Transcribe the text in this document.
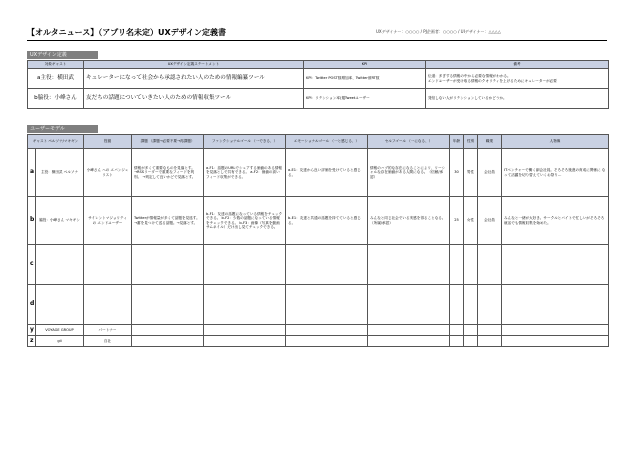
【オルタニュース】（アプリ名未定）UXデザイン定義書	UXデザイナー：○○○○ / PJ企画者：○○○○ / UIデザイナー：△△△△
UXデザイン定義
対象ギャスト	UXデザイン定義ステートメント	KPI	備考
a主役：横田武	キュレーターになって社会から承認されたい人のための情報編纂ツール	KPI：Twitter POST数増加率、Twitter被RT数	伝道：多ぎする情報の中から必要な情報がわかる。
エンドユーザーが受け取る情報のクオリティを上げるためにキュレーターが必要

b脇役：小峰さん	友だちの話題についていきたい人のための情報収集ツール	KPI：リテンション率(週Tweetユーザー	発信しない人がリテンションしているかどうか。
ユーザーモデル
ギャスト ペルソナ/マキギン		役割	課題 （課題→必要不要→再課題）	ファンクショナルゴール （一できる、）	エモーショナルゴール （一と感じる、）	セルフゴール （一になる、）	年齢	性別	職業	人物像
a	主役：横田武 ペルソナ	小峰さん への エバンジェリスト	情報が多くて重要なものを見落とす。 →RSSリーダーで重要なフィードを判別。 →判定して良いかどで見落とす。	a-F1：話題のURLでシェアする価値のある情報を見落としで共有できる。 a-F2：価値の高いフィード収集ができる。	a-E1：友達から良い評価を受けていると感じる。	情報のハブ的な存在になることによリ、リーシャルな存在価値がある人間になる。（信頼/承認）	30	男性	会社員	ITベンチャーで働く副会社員。そろそろ後進の育成に関係に なって活躍を切り替えていくお祭り…
b	脇役：小峰さん マキギン	サイレントマジョリティ の エンドユーザー	Twitterが情報量が多くて話題を見逃す。→蓄を見つけて送る話題。→見落とす。	b-F1：友達の話題になっている情報をチェックできる。 b-F2：少数の話題になっている情報をチェックできる。 b-F3：画像（写真を動画サムネイル）だけ出し見てチェックできる。	b-E1：友達と共通の話題を持てていると感じる。	みんなと同じ社会でいる実感を得ることなる。（所属/承認）	25	女性	会社員	みんなと一緒が大好き。サークルとバイトで忙しいがそろそろ就活でも情報収集を始めた。
c										
d										
y	VOYAGE GROUP	パートナー								
z	gii	自社								
